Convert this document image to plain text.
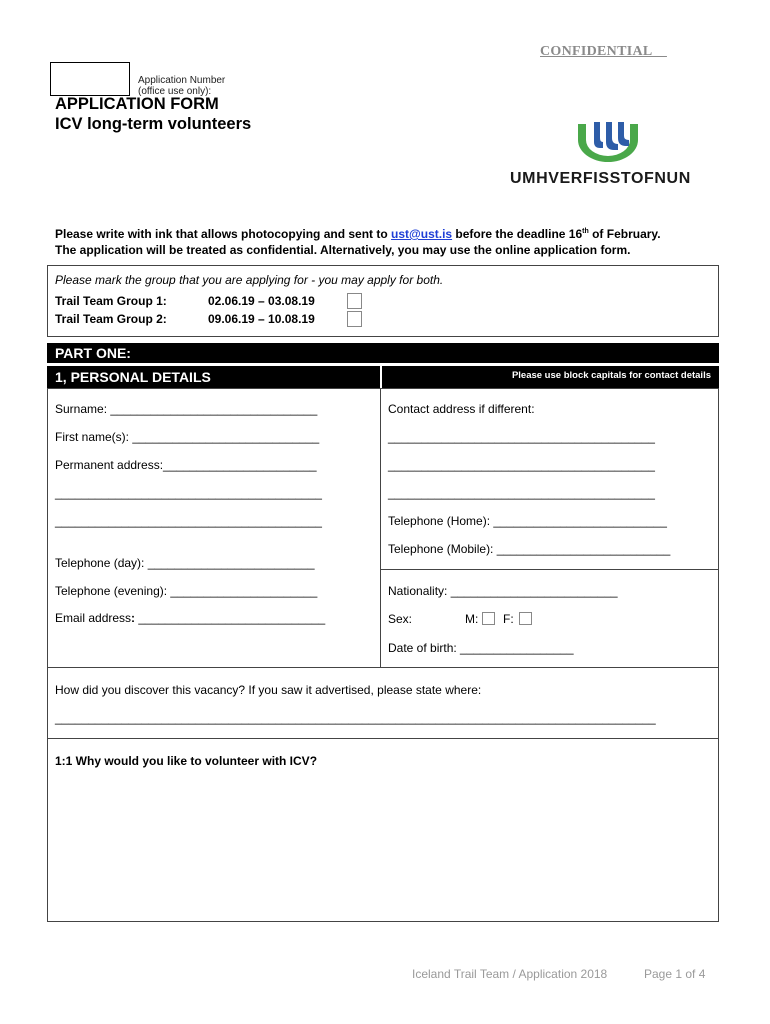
CONFIDENTIAL
Application Number
(office use only):
APPLICATION FORM
ICV long-term volunteers
UMHVERFISSTOFNUN
Please write with ink that allows photocopying and sent to ust@ust.is before the deadline 16th of February.
The application will be treated as confidential. Alternatively, you may use the online application form.
Please mark the group that you are applying for - you may apply for both.
Trail Team Group 1:	02.06.19 – 03.08.19
Trail Team Group 2:	09.06.19 – 10.08.19
PART ONE:
1, PERSONAL DETAILS	Please use block capitals for contact details
Surname: _______________________________
First name(s): ____________________________
Permanent address:_______________________
________________________________________
________________________________________
Telephone (day): _________________________
Telephone (evening): ______________________
Email address: ____________________________
Contact address if different:
________________________________________
________________________________________
________________________________________
Telephone (Home): __________________________
Telephone (Mobile): __________________________
Nationality: _________________________
Sex:	M: F:
Date of birth: _________________
How did you discover this vacancy? If you saw it advertised, please state where:
__________________________________________________________________________________________
1:1 Why would you like to volunteer with ICV?
Iceland Trail Team / Application 2018	Page 1 of 4
